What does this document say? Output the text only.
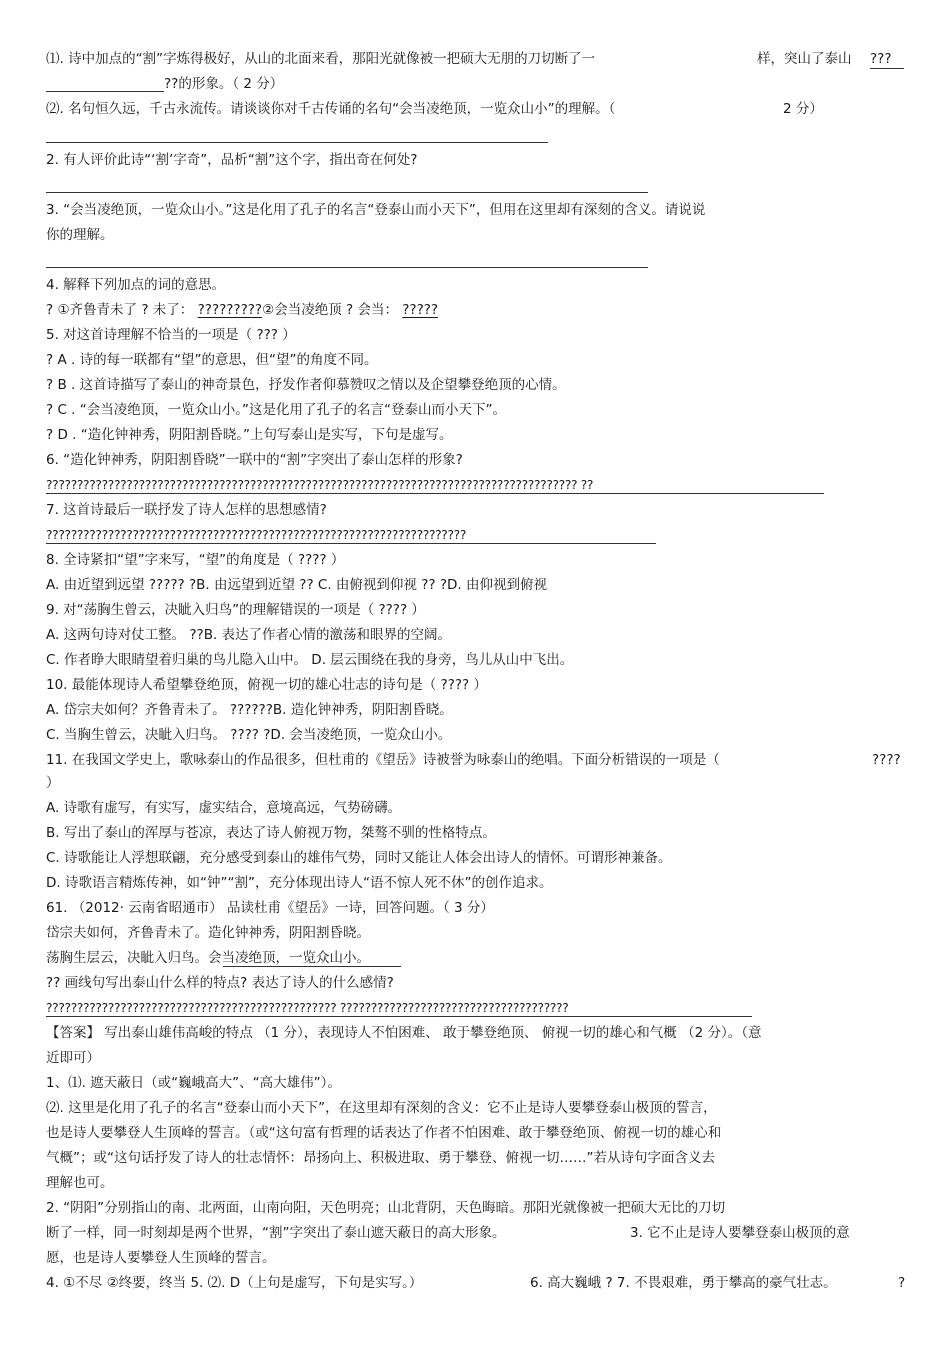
⑴. 诗中加点的“割”字炼得极好，从山的北面来看，那阳光就像被一把硕大无朋的刀切断了一	样，突山了泰山 ???
??的形象。（ 2 分）
⑵. 名句恒久远，千古永流传。请谈谈你对千古传诵的名句“会当凌绝顶，一览众山小”的理解。（	2 分）
2. 有人评价此诗“‘割’字奇”，品析“割”这个字，指出奇在何处?
3. “会当凌绝顶，一览众山小。”这是化用了孔子的名言“登泰山而小天下”，但用在这里却有深刻的含义。请说说
你的理解。
4. 解释下列加点的词的意思。
? ①齐鲁青未了 ? 未了： ?????????②会当凌绝顶 ? 会当： ?????
5. 对这首诗理解不恰当的一项是（ ??? ）
? A . 诗的每一联都有“望”的意思，但“望”的角度不同。
? B . 这首诗描写了泰山的神奇景色，抒发作者仰慕赞叹之情以及企望攀登绝顶的心情。
? C . “会当凌绝顶，一览众山小。”这是化用了孔子的名言“登泰山而小天下”。
? D . “造化钟神秀，阴阳割昏晓。”上句写泰山是实写，下句是虚写。
6. “造化钟神秀，阴阳割昏晓”一联中的“割”字突出了泰山怎样的形象?
?????????????????????????????????????????????????????????????????????????????????????? ??
7. 这首诗最后一联抒发了诗人怎样的思想感情?
????????????????????????????????????????????????????????????????????
8. 全诗紧扣“望”字来写，“望”的角度是（ ???? ）
A. 由近望到远望 ????? ?B. 由远望到近望 ?? C. 由俯视到仰视 ?? ?D. 由仰视到俯视
9. 对“荡胸生曾云，决眦入归鸟”的理解错误的一项是（ ???? ）
A. 这两句诗对仗工整。 ??B. 表达了作者心情的激荡和眼界的空阔。
C. 作者睁大眼睛望着归巢的鸟儿隐入山中。 D. 层云围绕在我的身旁，鸟儿从山中飞出。
10. 最能体现诗人希望攀登绝顶，俯视一切的雄心壮志的诗句是（ ???? ）
A. 岱宗夫如何？齐鲁青未了。 ??????B. 造化钟神秀，阴阳割昏晓。
C. 当胸生曾云，决眦入归鸟。 ???? ?D. 会当凌绝顶，一览众山小。
11. 在我国文学史上，歌咏泰山的作品很多，但杜甫的《望岳》诗被誉为咏泰山的绝唱。下面分析错误的一项是（	????
）
A. 诗歌有虚写，有实写，虚实结合，意境高远，气势磅礴。
B. 写出了泰山的浑厚与苍凉，表达了诗人俯视万物，桀骜不驯的性格特点。
C. 诗歌能让人浮想联翩，充分感受到泰山的雄伟气势，同时又能让人体会出诗人的情怀。可谓形神兼备。
D. 诗歌语言精炼传神，如“钟”“割”，充分体现出诗人“语不惊人死不休”的创作追求。
61. （2012· 云南省昭通市） 品读杜甫《望岳》一诗，回答问题。（ 3 分）
岱宗夫如何，齐鲁青未了。造化钟神秀，阴阳割昏晓。
荡胸生层云，决眦入归鸟。会当凌绝顶，一览众山小。
?? 画线句写出泰山什么样的特点? 表达了诗人的什么感情?
??????????????????????????????????????????????? ?????????????????????????????????????
【答案】 写出泰山雄伟高峻的特点 （1 分），表现诗人不怕困难、 敢于攀登绝顶、 俯视一切的雄心和气概 （2 分）。（意
近即可）
1、⑴. 遮天蔽日（或“巍峨高大”、“高大雄伟”）。
⑵. 这里是化用了孔子的名言“登泰山而小天下”，在这里却有深刻的含义：它不止是诗人要攀登泰山极顶的誓言，
也是诗人要攀登人生顶峰的誓言。（或“这句富有哲理的话表达了作者不怕困难、敢于攀登绝顶、俯视一切的雄心和
气概”；或“这句话抒发了诗人的壮志情怀：昂扬向上、积极进取、勇于攀登、俯视一切……”若从诗句字面含义去
理解也可。
2. “阴阳”分别指山的南、北两面，山南向阳，天色明亮；山北背阴，天色晦暗。那阳光就像被一把硕大无比的刀切
断了一样，同一时刻却是两个世界，“割”字突出了泰山遮天蔽日的高大形象。	3. 它不止是诗人要攀登泰山极顶的意
愿，也是诗人要攀登人生顶峰的誓言。
4. ①不尽 ②终要，终当 5. ⑵. D（上句是虚写，下句是实写。）	6. 高大巍峨 ? 7. 不畏艰难，勇于攀高的豪气壮志。	?
